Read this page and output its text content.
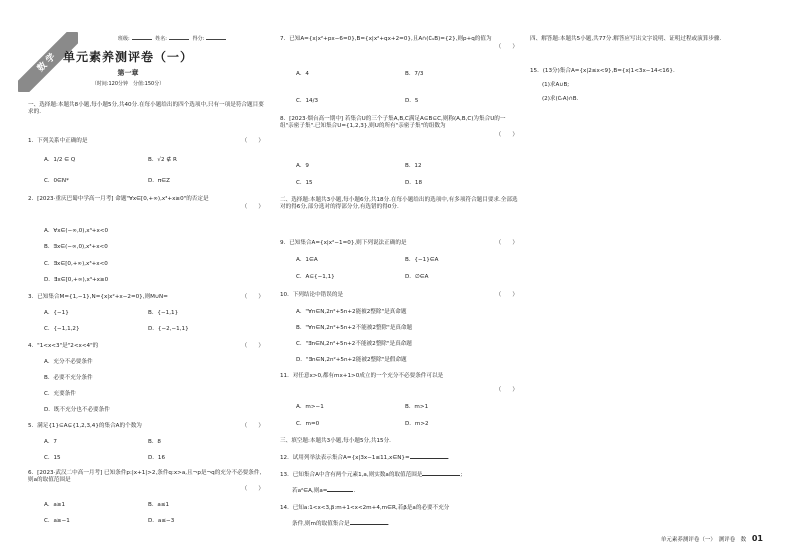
数学
班级:	姓名:	得分:
单元素养测评卷（一）
第一章
（时间:120分钟　分值:150分）
一、选择题:本题共8小题,每小题5分,共40分.在每小题给出的四个选项中,只有一项是符合题目要求的.
1．下列关系中正确的是	（　　）
A．1/2 ∈ Q	B．√2 ∉ R
C．0∈N*	D．π∈Z
2．[2023·重庆巴蜀中学高一月考] 命题"∀x∈[0,+∞),x³+x≥0"的否定是
（　　）
A．∀x∈(−∞,0),x³+x<0
B．∃x∈(−∞,0),x³+x<0
C．∃x∈[0,+∞),x³+x<0
D．∃x∈[0,+∞),x³+x≥0
3．已知集合M={1,−1},N={x|x²+x−2=0},则M∪N=	（　　）
A．{−1}	B．{−1,1}
C．{−1,1,2}	D．{−2,−1,1}
4．"1<x<3"是"2<x<4"的	（　　）
A．充分不必要条件
B．必要不充分条件
C．充要条件
D．既不充分也不必要条件
5．满足{1}⊆A⊊{1,2,3,4}的集合A的个数为	（　　）
A．7	B．8
C．15	D．16
6．[2023·武汉二中高一月考] 已知条件p:|x+1|>2,条件q:x>a,且¬p是¬q的充分不必要条件,则a的取值范围是
（　　）
A．a≥1	B．a≤1
C．a≥−1	D．a≤−3
7．已知A={x|x²+px−6=0},B={x|x²+qx+2=0},且A∩(∁ᵤB)={2},则p+q的值为
（　　）
A．4	B．7/3
C．14/3	D．5
8．[2023·烟台高一期中] 若集合U的三个子集A,B,C满足A⊆B⊆C,则称(A,B,C)为集合U的一组"亲密子集".已知集合U={1,2,3},则U的所有"亲密子集"的组数为
（　　）
A．9	B．12
C．15	D．18
二、选择题:本题共3小题,每小题6分,共18分.在每小题给出的选项中,有多项符合题目要求.全部选对的得6分,部分选对的得部分分,有选错的得0分.
9．已知集合A={x|x²−1=0},则下列说法正确的是	（　　）
A．1∈A	B．{−1}∈A
C．A⊆{−1,1}	D．∅∈A
10．下列结论中错误的是	（　　）
A．"∀n∈N,2n²+5n+2能被2整除"是真命题
B．"∀n∈N,2n²+5n+2不能被2整除"是真命题
C．"∃n∈N,2n²+5n+2不能被2整除"是真命题
D．"∃n∈N,2n²+5n+2能被2整除"是假命题
11．对任意x>0,都有mx+1>0成立的一个充分不必要条件可以是
（　　）
A．m>−1	B．m>1
C．m=0	D．m>2
三、填空题:本题共3小题,每小题5分,共15分.
12．试用列举法表示集合A={x|3x−1≤11,x∈N}=	.
13．已知集合A中含有两个元素1,a,则实数a的取值范围是	;
若a²∈A,则a=	.
14．已知a:1<x<3,β:m+1<x<2m+4,m∈R,若β是a的必要不充分
条件,则m的取值集合是	.
四、解答题:本题共5小题,共77分.解答应写出文字说明、证明过程或演算步骤.
15．(13分)集合A={x|2≤x<9},B={x|1<3x−14<16}.
(1)求A∪B;
(2)求(∁ᵣA)∩B.
单元素养测评卷（一）　测评卷　数 01
